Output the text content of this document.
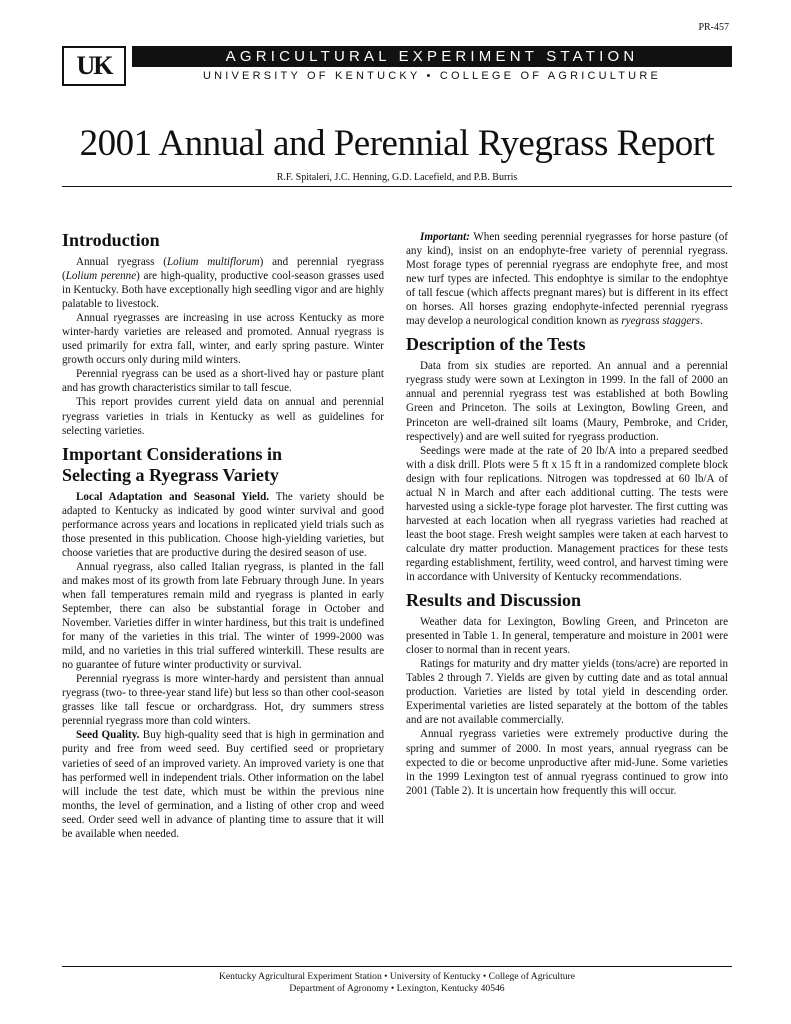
PR-457
UK	AGRICULTURAL EXPERIMENT STATION
UNIVERSITY OF KENTUCKY • COLLEGE OF AGRICULTURE
2001 Annual and Perennial Ryegrass Report
R.F. Spitaleri, J.C. Henning, G.D. Lacefield, and P.B. Burris
Introduction

Annual ryegrass (Lolium multiflorum) and perennial ryegrass (Lolium perenne) are high-quality, productive cool-season grasses used in Kentucky. Both have exceptionally high seedling vigor and are highly palatable to livestock.

Annual ryegrasses are increasing in use across Kentucky as more winter-hardy varieties are released and promoted. Annual ryegrass is used primarily for extra fall, winter, and early spring pasture. Winter growth occurs only during mild winters.

Perennial ryegrass can be used as a short-lived hay or pasture plant and has growth characteristics similar to tall fescue.

This report provides current yield data on annual and perennial ryegrass varieties in trials in Kentucky as well as guidelines for selecting varieties.

Important Considerations in
Selecting a Ryegrass Variety

Local Adaptation and Seasonal Yield. The variety should be adapted to Kentucky as indicated by good winter survival and good performance across years and locations in replicated yield trials such as those presented in this publication. Choose high-yielding varieties, but choose varieties that are productive during the desired season of use.

Annual ryegrass, also called Italian ryegrass, is planted in the fall and makes most of its growth from late February through June. In years when fall temperatures remain mild and ryegrass is planted in early September, there can also be substantial forage in October and November. Varieties differ in winter hardiness, but this trait is undefined for many of the varieties in this trial. The winter of 1999-2000 was mild, and no varieties in this trial suffered winterkill. These results are no guarantee of future winter productivity or survival.

Perennial ryegrass is more winter-hardy and persistent than annual ryegrass (two- to three-year stand life) but less so than other cool-season grasses like tall fescue or orchardgrass. Hot, dry summers stress perennial ryegrass more than cold winters.

Seed Quality. Buy high-quality seed that is high in germination and purity and free from weed seed. Buy certified seed or proprietary varieties of seed of an improved variety. An improved variety is one that has performed well in independent trials. Other information on the label will include the test date, which must be within the previous nine months, the level of germination, and a listing of other crop and weed seed. Order seed well in advance of planting time to assure that it will be available when needed.

Important: When seeding perennial ryegrasses for horse pasture (of any kind), insist on an endophyte-free variety of perennial ryegrass. Most forage types of perennial ryegrass are endophyte free, and most new turf types are infected. This endophtye is similar to the endophtye of tall fescue (which affects pregnant mares) but is different in its effect on horses. All horses grazing endophyte-infected perennial ryegrass may develop a neurological condition known as ryegrass staggers.

Description of the Tests

Data from six studies are reported. An annual and a perennial ryegrass study were sown at Lexington in 1999. In the fall of 2000 an annual and perennial ryegrass test was established at both Bowling Green and Princeton. The soils at Lexington, Bowling Green, and Princeton are well-drained silt loams (Maury, Pembroke, and Crider, respectively) and are well suited for ryegrass production.

Seedings were made at the rate of 20 lb/A into a prepared seedbed with a disk drill. Plots were 5 ft x 15 ft in a randomized complete block design with four replications. Nitrogen was topdressed at 60 lb/A of actual N in March and after each additional cutting. The tests were harvested using a sickle-type forage plot harvester. The first cutting was harvested at each location when all ryegrass varieties had reached at least the boot stage. Fresh weight samples were taken at each harvest to calculate dry matter production. Management practices for these tests regarding establishment, fertility, weed control, and harvest timing were in accordance with University of Kentucky recommendations.

Results and Discussion

Weather data for Lexington, Bowling Green, and Princeton are presented in Table 1. In general, temperature and moisture in 2001 were closer to normal than in recent years.

Ratings for maturity and dry matter yields (tons/acre) are reported in Tables 2 through 7. Yields are given by cutting date and as total annual production. Varieties are listed by total yield in descending order. Experimental varieties are listed separately at the bottom of the tables and are not available commercially.

Annual ryegrass varieties were extremely productive during the spring and summer of 2000. In most years, annual ryegrass can be expected to die or become unproductive after mid-June. Some varieties in the 1999 Lexington test of annual ryegrass continued to grow into 2001 (Table 2). It is uncertain how frequently this will occur.

Kentucky Agricultural Experiment Station • University of Kentucky • College of Agriculture
Department of Agronomy • Lexington, Kentucky 40546
